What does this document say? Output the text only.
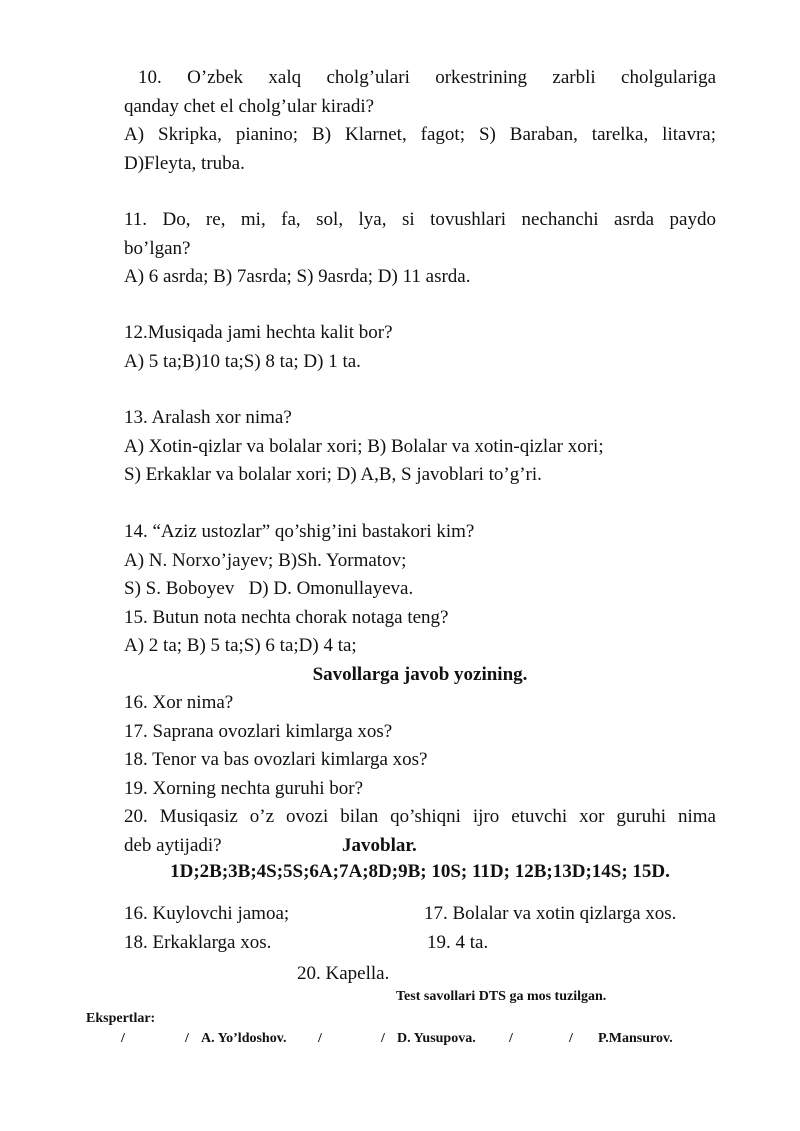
10. O’zbek xalq cholg’ulari orkestrining zarbli cholgulariga

qanday chet el cholg’ular kiradi?

A) Skripka, pianino; B) Klarnet, fagot; S) Baraban, tarelka, litavra;

D)Fleyta, truba.

11. Do, re, mi, fa, sol, lya, si tovushlari nechanchi asrda paydo

bo’lgan?

A) 6 asrda; B) 7asrda; S) 9asrda; D) 11 asrda.

12.Musiqada jami hechta kalit bor?

A) 5 ta;B)10 ta;S) 8 ta; D) 1 ta.

13. Aralash xor nima?

A) Xotin-qizlar va bolalar xori; B) Bolalar va xotin-qizlar xori;

S) Erkaklar va bolalar xori; D) A,B, S javoblari to’g’ri.

14. “Aziz ustozlar” qo’shig’ini bastakori kim?

A) N. Norxo’jayev; B)Sh. Yormatov;

S) S. Boboyev   D) D. Omonullayeva.

15. Butun nota nechta chorak notaga teng?

A) 2 ta; B) 5 ta;S) 6 ta;D) 4 ta;

Savollarga javob yozining.

16. Xor nima?

17. Saprana ovozlari kimlarga xos?

18. Tenor va bas ovozlari kimlarga xos?

19. Xorning nechta guruhi bor?

20. Musiqasiz o’z ovozi bilan qo’shiqni ijro etuvchi xor guruhi nima

deb aytijadi?	Javoblar.

1D;2B;3B;4S;5S;6A;7A;8D;9B; 10S; 11D; 12B;13D;14S; 15D.
16. Kuylovchi jamoa;	17. Bolalar va xotin qizlarga xos.
18. Erkaklarga xos.	19. 4 ta.
20. Kapella.
Test savollari DTS ga mos tuzilgan.
Ekspertlar:
/	/ A. Yo’ldoshov. /	/ D. Yusupova. /	/ P.Mansurov.
